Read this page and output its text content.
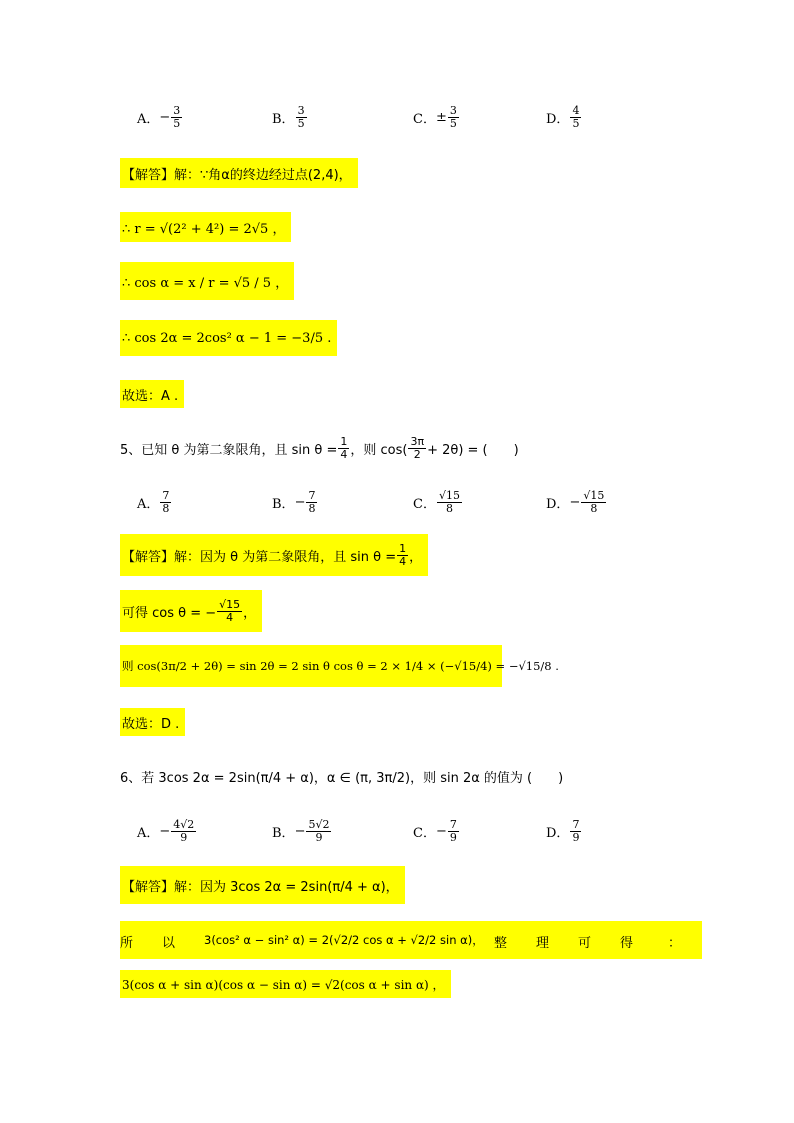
A． − $\frac{3}{5}$	B． $\frac{3}{5}$	C． ± $\frac{3}{5}$	D． $\frac{4}{5}$
【解答】解： ∵角α的终边经过点(2,4)，
∴ r = √(2² + 4²) = 2√5 ，
∴ cos α = x / r = √5 / 5 ，
∴ cos 2α = 2cos² α − 1 = −3/5 .
故选：A .
5、已知 θ 为第二象限角，且 $\sin \theta = \frac{1}{4}$ ，则 $\cos( \frac{3\pi}{2} + 2\theta)$ = (　　)
A． $\frac{7}{8}$	B． − $\frac{7}{8}$	C． $\frac{√15}{8}$	D． − $\frac{√15}{8}$
【解答】解：因为 θ 为第二象限角，且 $\sin \theta = \frac{1}{4}$ ，
可得 cos θ = − $\frac{√15}{4}$ ，
则 cos(3π/2 + 2θ) = sin 2θ = 2 sin θ cos θ = 2 × 1/4 × (−√15/4) = −√15/8 .
故选：D .
6、若 3cos 2α = 2sin(π/4 + α)，α ∈ (π, 3π/2)，则 sin 2α 的值为 (　　)
A． − $\frac{4√2}{9}$	B． − $\frac{5√2}{9}$	C． − $\frac{7}{9}$	D． $\frac{7}{9}$
【解答】解：因为 3cos 2α = 2sin(π/4 + α)，
所 以	3(cos² α − sin² α) = 2(√2/2 cos α + √2/2 sin α)， 整 理 可 得	：
3(cos α + sin α)(cos α − sin α) = √2(cos α + sin α) ，
